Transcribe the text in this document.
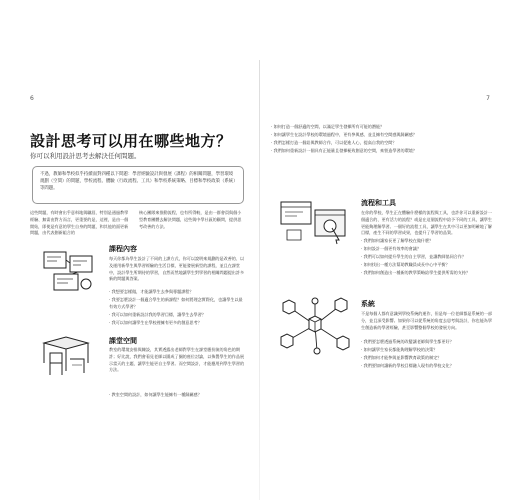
6
設計思考可以用在哪些地方？
你可以利用設計思考去解決任何問題。
不過，教師和學校似乎持續面對四種以下問題：學習經驗設計與發展（課程）的相關問題，學習環境規劃（空間）的問題，學校流程、體驗（行政流程、工具）和學校系統策略、目標和學校政策（系統）等問題。

這些問題，有時會出乎意料地與職涯、特別是通過教學經驗、無需由對方而言，更重要的是，這裡，是由一個開始，即使是有意的學生自身的問題，和其他的面更新問題，由代表創新組合的

核心團隊來推動流程，也有所得較，是由一群會員與個小型教育團體去解決問題，這些與中學社區的顧問，提供思考改善的方法。

課程內容

每天你都為學生設計了不同的上課方式，你可以說明來規劃的是改善的、以及運用新學生與學習經驗的生活目標，更能發展新型的課程，並且在課堂中，設計學生所期待的學習，自然而然地讓學生對學習的相關問題提出許多新的問題與答案。

‧ 我想要怎樣做，才能讓學生去參與專題課程？

‧ 我要怎麼設計一個適合學生的新課程？如何將理念實際化，也讓學生以最有效方式學習？

‧ 我可以如何重新設計我的學習目標，讓學生去學習？

‧ 我可以如何讓學生在學校裡擁有更多的創意思考？

課堂空間

教室的環境安排與陳設，其實透露出老師對學生在課堂應扮演的角色的期許；好比說，我們會看見老師以圍成了圈的座位討論，以佈置學生的作品展示當天的主題，讓學生能更自主學習。而空間設計，才能應用到學生學習的方法。

‧ 教室空間的設計，如何讓學生能擁有一種歸屬感？

7

‧ 如何打造一個舒適的空間，以滿足學生發揮所有可能的潛能？

‧ 如何讓學生在設計學校的環境過程中，更有參與感、並且擁有空間感與歸屬感？

‧ 我們怎樣打造一個給與教師合作，可以促進人心，提高自我的空間？

‧ 我們如何重新設計一個具有正能量且發揮極致創意的空間，來營造學習的環境？

流程和工具

在你的學校，學生正在體驗什麼樣的流程與工具，也許你可以重新設計一個適合的、更有活力的流程？或是在這個流程中給予不同的工具，讓學生更能夠理解學習。一個好的流程工具，讓學生在其中可以更加明確地了解目標，產生不同的學習成果，也提升了學習的品質。

‧ 我們如何讓家長更了解學校在做什麼？

‧ 如何設計一個更有效率的會議？

‧ 我們可以如何提升學生的自主學習，並讓教師協同合作？

‧ 如何找出一種方法幫助教職員成長中心中平衡？

‧ 我們如何創造出一種新的教學策略給學生提供所需的支持？

系統

不是每個人都有意識到學校系統的運作，但是每一位老師都是系統的一部分，並且深受影響。如果你可以從系統的角度去思考與設計，你也能為學生創造新的學習經驗，甚至影響整個學校的發展方向。

‧ 我們要怎麼透過系統的改變讓老師與學生都更好？

‧ 如何讓學生家長都能夠理解學校的決策？

‧ 我們如何才能參與並影響教育政策的制定？

‧ 我們要如何讓新的學校目標融入現有的學校文化？
